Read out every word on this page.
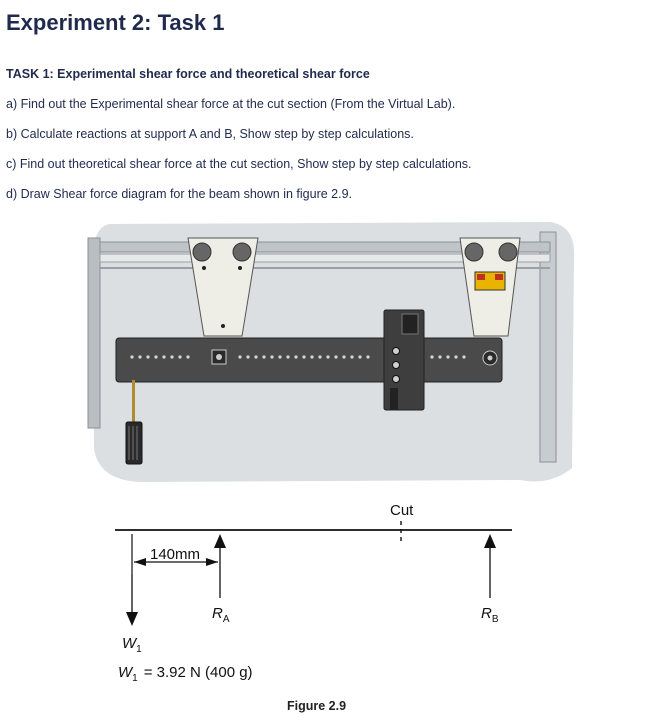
Experiment 2: Task 1
TASK 1: Experimental shear force and theoretical shear force
a) Find out the Experimental shear force at the cut section (From the Virtual Lab).
b) Calculate reactions at support A and B, Show step by step calculations.
c) Find out theoretical shear force at the cut section, Show step by step calculations.
d) Draw Shear force diagram for the beam shown in figure 2.9.
Cut
140mm
$R_A$	$R_B$
$W_1$
$W_1 = 3.92$ N (400 g)
Figure 2.9
